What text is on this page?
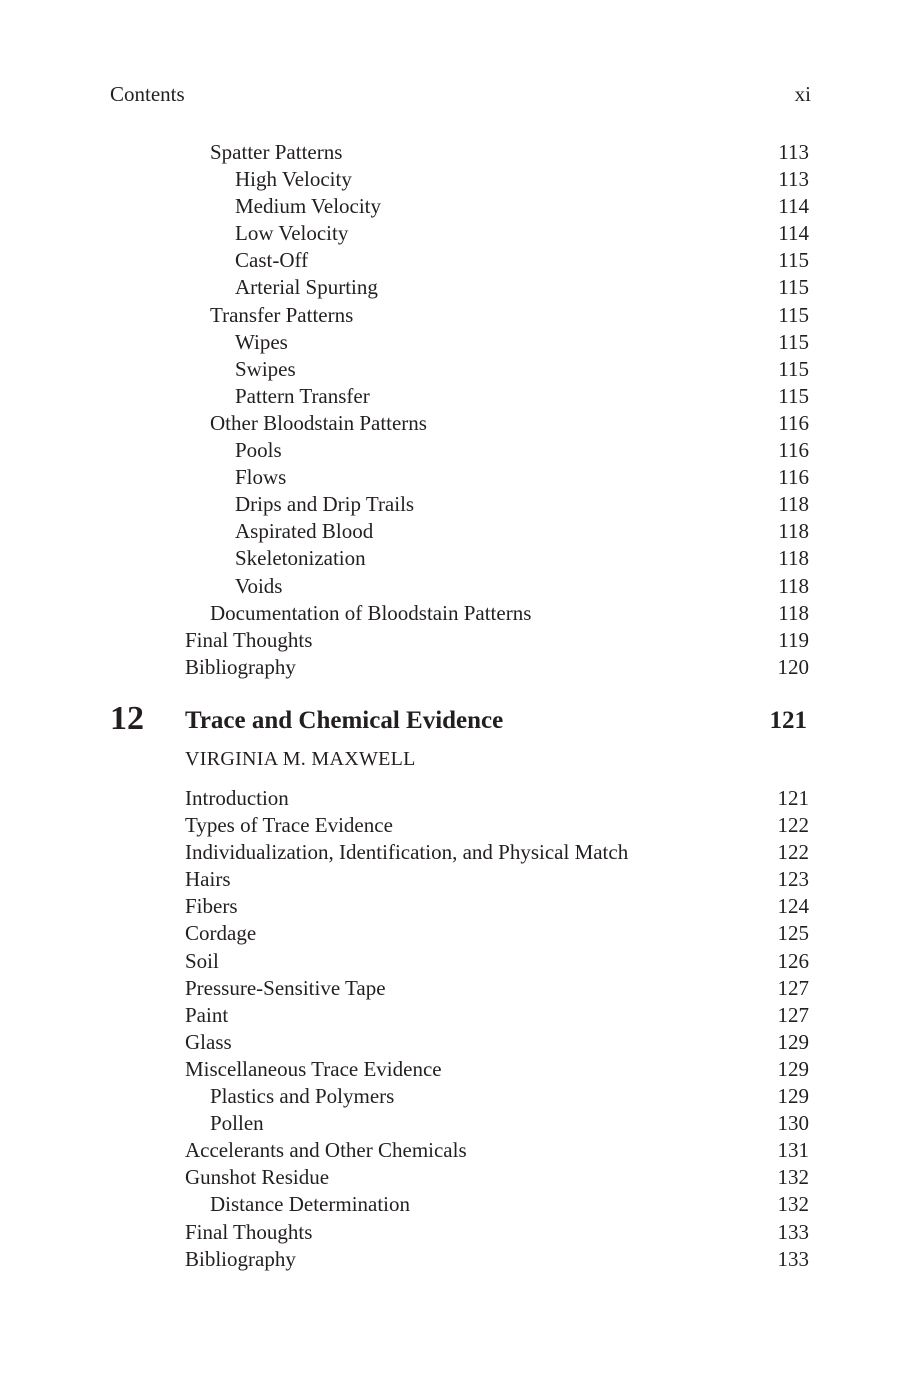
Contents	xi
Spatter Patterns	113
High Velocity	113
Medium Velocity	114
Low Velocity	114
Cast-Off	115
Arterial Spurting	115
Transfer Patterns	115
Wipes	115
Swipes	115
Pattern Transfer	115
Other Bloodstain Patterns	116
Pools	116
Flows	116
Drips and Drip Trails	118
Aspirated Blood	118
Skeletonization	118
Voids	118
Documentation of Bloodstain Patterns	118
Final Thoughts	119
Bibliography	120
12 Trace and Chemical Evidence	121
VIRGINIA M. MAXWELL
Introduction	121
Types of Trace Evidence	122
Individualization, Identification, and Physical Match	122
Hairs	123
Fibers	124
Cordage	125
Soil	126
Pressure-Sensitive Tape	127
Paint	127
Glass	129
Miscellaneous Trace Evidence	129
Plastics and Polymers	129
Pollen	130
Accelerants and Other Chemicals	131
Gunshot Residue	132
Distance Determination	132
Final Thoughts	133
Bibliography	133
